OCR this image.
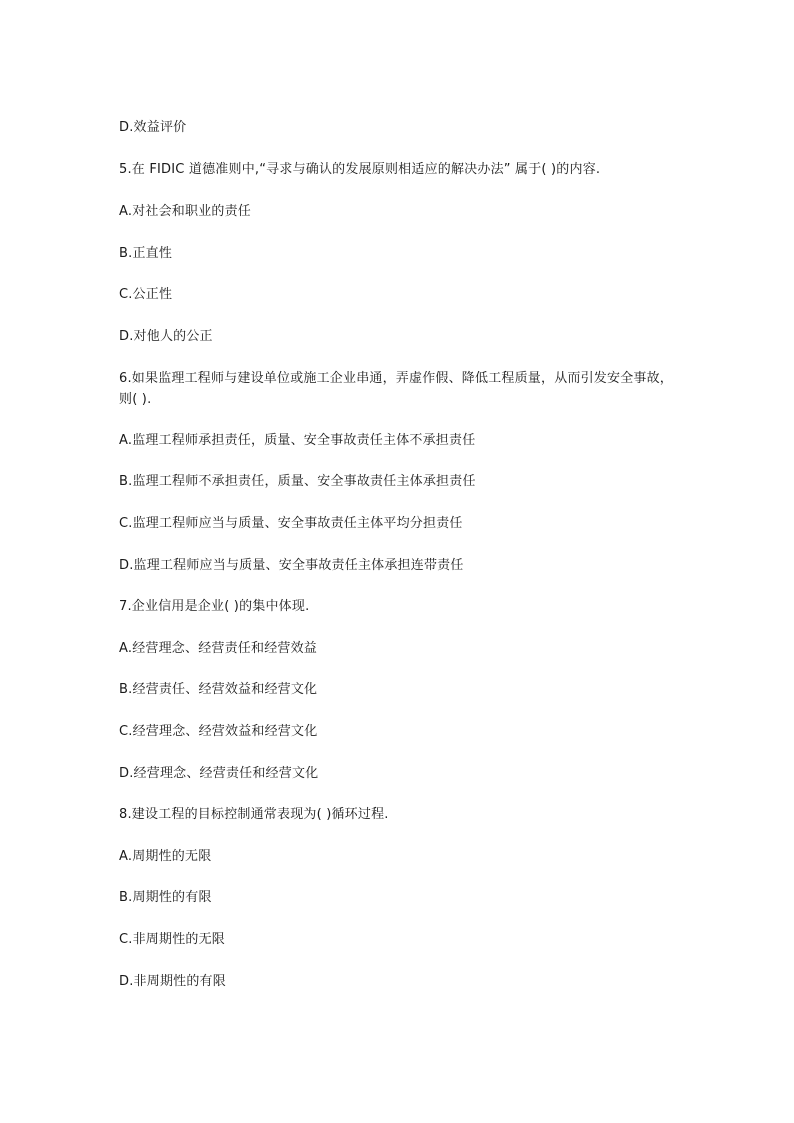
D.效益评价
5.在 FIDIC 道德准则中,“寻求与确认的发展原则相适应的解决办法” 属于( )的内容.
A.对社会和职业的责任
B.正直性
C.公正性
D.对他人的公正
6.如果监理工程师与建设单位或施工企业串通，弄虚作假、降低工程质量，从而引发安全事故，则( ).
A.监理工程师承担责任，质量、安全事故责任主体不承担责任
B.监理工程师不承担责任，质量、安全事故责任主体承担责任
C.监理工程师应当与质量、安全事故责任主体平均分担责任
D.监理工程师应当与质量、安全事故责任主体承担连带责任
7.企业信用是企业( )的集中体现.
A.经营理念、经营责任和经营效益
B.经营责任、经营效益和经营文化
C.经营理念、经营效益和经营文化
D.经营理念、经营责任和经营文化
8.建设工程的目标控制通常表现为( )循环过程.
A.周期性的无限
B.周期性的有限
C.非周期性的无限
D.非周期性的有限
